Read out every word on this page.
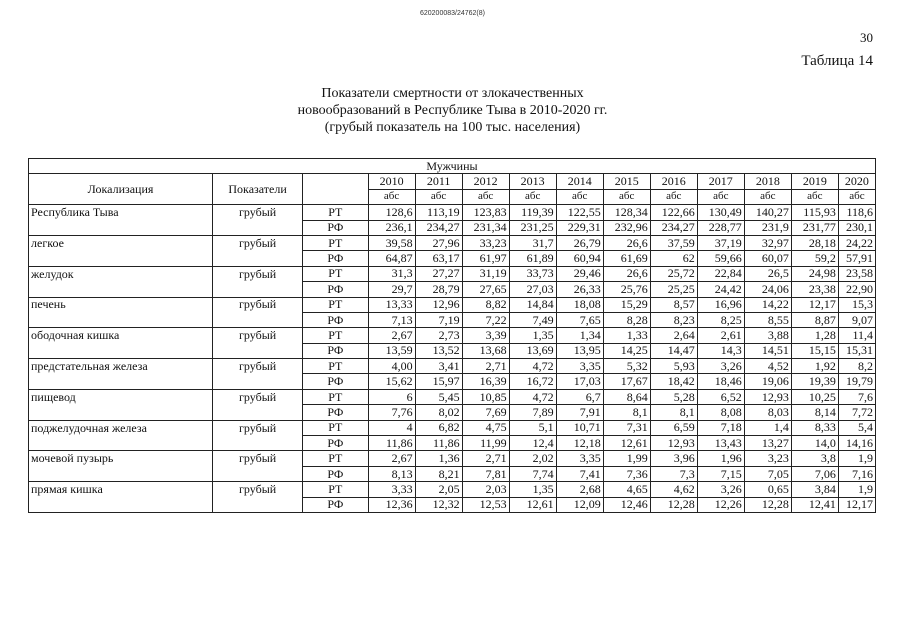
620200083/24762(8)
30
Таблица 14
Показатели смертности от злокачественных
новообразований в Республике Тыва в 2010-2020 гг.
(грубый показатель на 100 тыс. населения)
Мужчины													
Локализация	Показатели		2010	2011	2012	2013	2014	2015	2016	2017	2018	2019	2020
			абс	абс	абс	абс	абс	абс	абс	абс	абс	абс	абс
Республика Тыва	грубый	РТ	128,6	113,19	123,83	119,39	122,55	128,34	122,66	130,49	140,27	115,93	118,6
		РФ	236,1	234,27	231,34	231,25	229,31	232,96	234,27	228,77	231,9	231,77	230,1
легкое	грубый	РТ	39,58	27,96	33,23	31,7	26,79	26,6	37,59	37,19	32,97	28,18	24,22
		РФ	64,87	63,17	61,97	61,89	60,94	61,69	62	59,66	60,07	59,2	57,91
желудок	грубый	РТ	31,3	27,27	31,19	33,73	29,46	26,6	25,72	22,84	26,5	24,98	23,58
		РФ	29,7	28,79	27,65	27,03	26,33	25,76	25,25	24,42	24,06	23,38	22,90
печень	грубый	РТ	13,33	12,96	8,82	14,84	18,08	15,29	8,57	16,96	14,22	12,17	15,3
		РФ	7,13	7,19	7,22	7,49	7,65	8,28	8,23	8,25	8,55	8,87	9,07
ободочная кишка	грубый	РТ	2,67	2,73	3,39	1,35	1,34	1,33	2,64	2,61	3,88	1,28	11,4
		РФ	13,59	13,52	13,68	13,69	13,95	14,25	14,47	14,3	14,51	15,15	15,31
предстательная железа	грубый	РТ	4,00	3,41	2,71	4,72	3,35	5,32	5,93	3,26	4,52	1,92	8,2
		РФ	15,62	15,97	16,39	16,72	17,03	17,67	18,42	18,46	19,06	19,39	19,79
пищевод	грубый	РТ	6	5,45	10,85	4,72	6,7	8,64	5,28	6,52	12,93	10,25	7,6
		РФ	7,76	8,02	7,69	7,89	7,91	8,1	8,1	8,08	8,03	8,14	7,72
поджелудочная железа	грубый	РТ	4	6,82	4,75	5,1	10,71	7,31	6,59	7,18	1,4	8,33	5,4
		РФ	11,86	11,86	11,99	12,4	12,18	12,61	12,93	13,43	13,27	14,0	14,16
мочевой пузырь	грубый	РТ	2,67	1,36	2,71	2,02	3,35	1,99	3,96	1,96	3,23	3,8	1,9
		РФ	8,13	8,21	7,81	7,74	7,41	7,36	7,3	7,15	7,05	7,06	7,16
прямая кишка	грубый	РТ	3,33	2,05	2,03	1,35	2,68	4,65	4,62	3,26	0,65	3,84	1,9
		РФ	12,36	12,32	12,53	12,61	12,09	12,46	12,28	12,26	12,28	12,41	12,17
